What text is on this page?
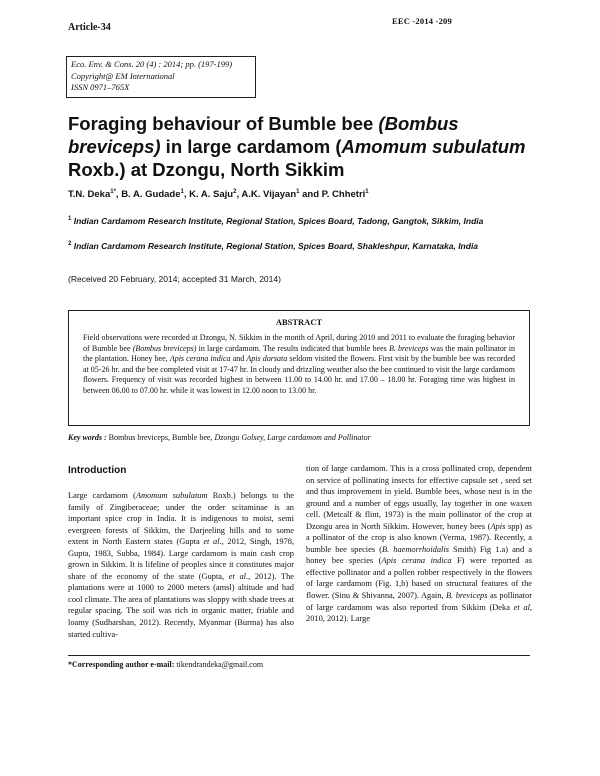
Article-34
EEC -2014 -209
Eco. Env. & Cons. 20 (4) : 2014; pp. (197-199)
Copyright@ EM International
ISSN 0971–765X
Foraging behaviour of Bumble bee (Bombus breviceps) in large cardamom (Amomum subulatum Roxb.) at Dzongu, North Sikkim
T.N. Deka$^{1*}$, B. A. Gudade$^1$, K. A. Saju$^2$, A.K. Vijayan$^1$ and P. Chhetri$^1$
$^1$ Indian Cardamom Research Institute, Regional Station, Spices Board, Tadong, Gangtok, Sikkim, India
$^2$ Indian Cardamom Research Institute, Regional Station, Spices Board, Shakleshpur, Karnataka, India
(Received 20 February, 2014; accepted 31 March, 2014)
ABSTRACT
Field observations were recorded at Dzongu, N. Sikkim in the month of April, during 2010 and 2011 to evaluate the foraging behavior of Bumble bee (Bombus breviceps) in large cardamom. The results indicated that bumble bees B. breviceps was the main pollinator in the plantation. Honey bee, Apis cerana indica and Apis dorsata seldom visited the flowers. First visit by the bumble bee was recorded at 05-26 hr. and the bee completed visit at 17-47 hr. In cloudy and drizzling weather also the bee continued to visit the large cardamom flowers. Frequency of visit was recorded highest in between 11.00 to 14.00 hr. and 17.00 – 18.00 hr. Foraging time was highest in between 06.00 to 07.00 hr. while it was lowest in 12.00 noon to 13.00 hr.
Key words : Bombus breviceps, Bumble bee, Dzongu Golsey, Large cardamom and Pollinator
Introduction
Large cardamom (Amomum subulatum Roxb.) belongs to the family of Zingiberaceae; under the order scitaminae is an important spice crop in India. It is indigenous to moist, semi evergreen forests of Sikkim, the Darjeeling hills and to some extent in North Eastern states (Gupta et al., 2012, Singh, 1978, Gupta, 1983, Subba, 1984). Large cardamom is main cash crop grown in Sikkim. It is lifeline of peoples since it constitutes major share of the economy of the state (Gupta, et al., 2012). The plantations were at 1000 to 2000 meters (amsl) altitude and had cool climate. The area of plantations was sloppy with shade trees at regular spacing. The soil was rich in organic matter, friable and loamy (Sudharshan, 2012). Recently, Myanmar (Burma) has also started cultiva-
tion of large cardamom. This is a cross pollinated crop, dependent on service of pollinating insects for effective capsule set , seed set and thus improvement in yield. Bumble bees, whose nest is in the ground and a number of eggs usually, lay together in one waxen cell. (Metcalf & flint, 1973) is the main pollinator of the crop at Dzongu area in North Sikkim. However, honey bees (Apis spp) as a pollinator of the crop is also known (Verma, 1987). Recently, a bumble bee species (B. haemorrhoidalis Smith) Fig 1.a) and a honey bee species (Apis cerana indica F) were reported as effective pollinator and a pollen robber respectively in the flowers of large cardamom (Fig. 1,b) based on structural features of the flower. (Sinu & Shivanna, 2007). Again, B. breviceps as pollinator of large cardamom was also reported from Sikkim (Deka et al, 2010, 2012). Large
*Corresponding author e-mail: tikendrandeka@gmail.com
